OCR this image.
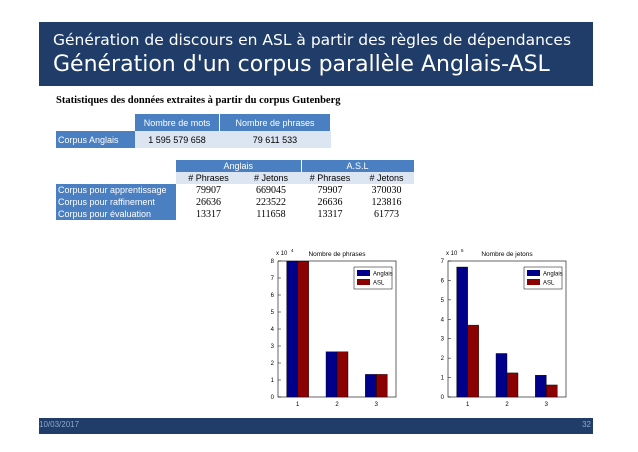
Génération de discours en ASL à partir des règles de dépendances
Génération d'un corpus parallèle Anglais-ASL
Statistiques des données extraites à partir du corpus Gutenberg
	Nombre de mots	Nombre de phrases
Corpus Anglais	1 595 579 658	79 611 533
	Anglais		A.S.L	
	# Phrases	# Jetons	# Phrases	# Jetons
Corpus pour apprentissage	79907	669045	79907	370030
Corpus pour raffinement	26636	223522	26636	123816
Corpus pour évaluation	13317	111658	13317	61773
0
1
2
3
4
5
6
7
8
x 10
4
Nombre de phrases
1	2	3
Anglais
ASL
0
1
2
3
4
5
6
7
x 10
5
Nombre de jetons
1	2	3
Anglais
ASL
10/03/2017	32
